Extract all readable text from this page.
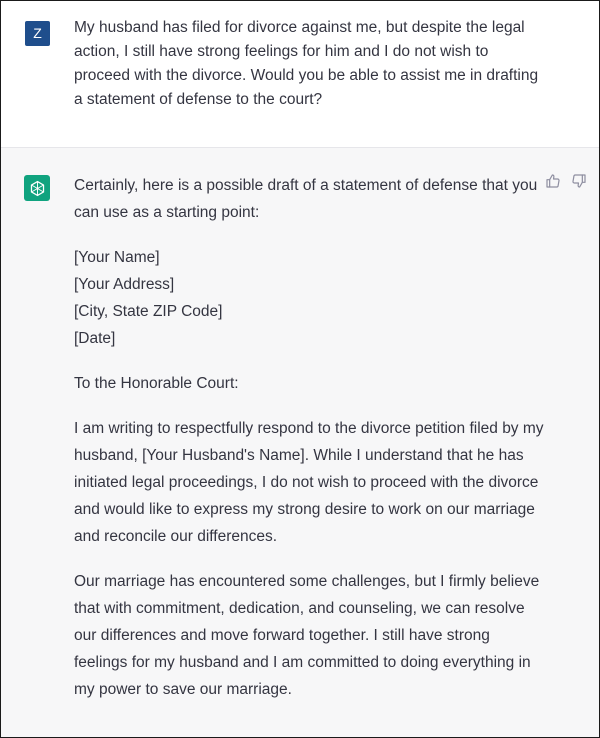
Z	My husband has filed for divorce against me, but despite the legal action, I still have strong feelings for him and I do not wish to proceed with the divorce. Would you be able to assist me in drafting a statement of defense to the court?

Certainly, here is a possible draft of a statement of defense that you can use as a starting point:

[Your Name]
[Your Address]
[City, State ZIP Code]
[Date]

To the Honorable Court:

I am writing to respectfully respond to the divorce petition filed by my husband, [Your Husband's Name]. While I understand that he has initiated legal proceedings, I do not wish to proceed with the divorce and would like to express my strong desire to work on our marriage and reconcile our differences.

Our marriage has encountered some challenges, but I firmly believe that with commitment, dedication, and counseling, we can resolve our differences and move forward together. I still have strong feelings for my husband and I am committed to doing everything in my power to save our marriage.
